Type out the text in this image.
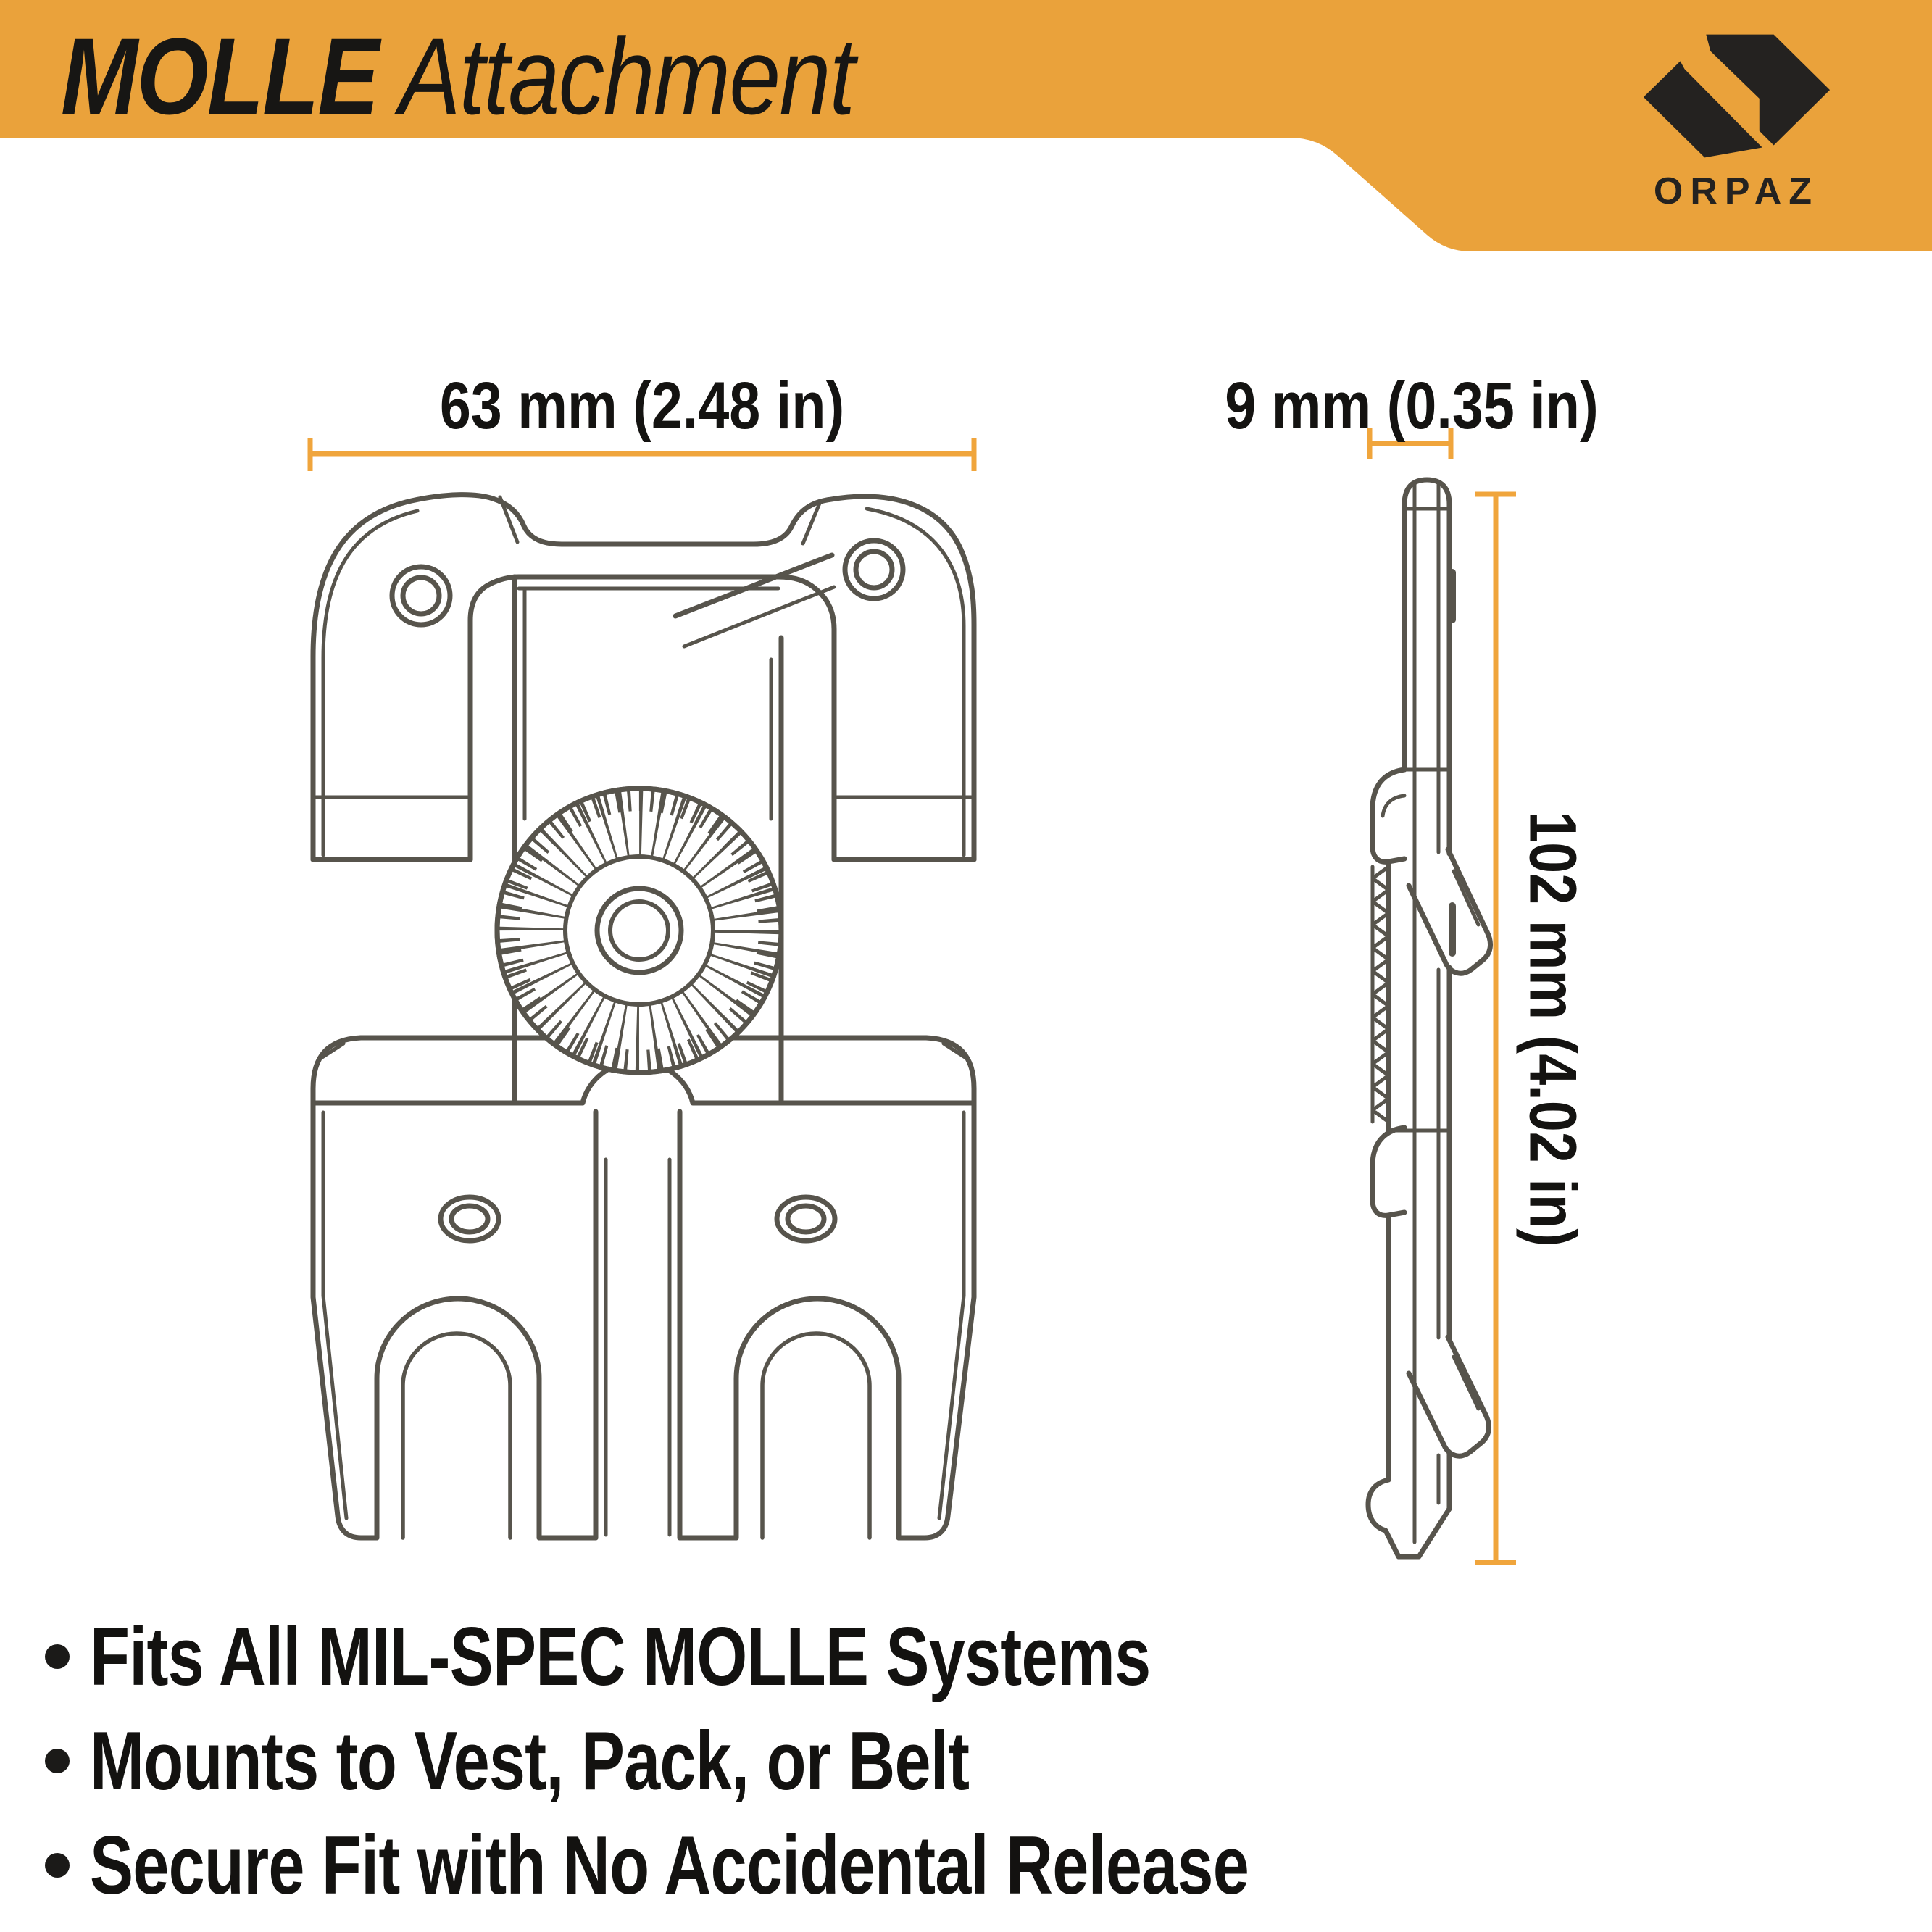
MOLLE Attachment
ORPAZ
63 mm (2.48 in)	9 mm (0.35 in)
102 mm (4.02 in)
Fits All MIL-SPEC MOLLE Systems
Mounts to Vest, Pack, or Belt
Secure Fit with No Accidental Release
